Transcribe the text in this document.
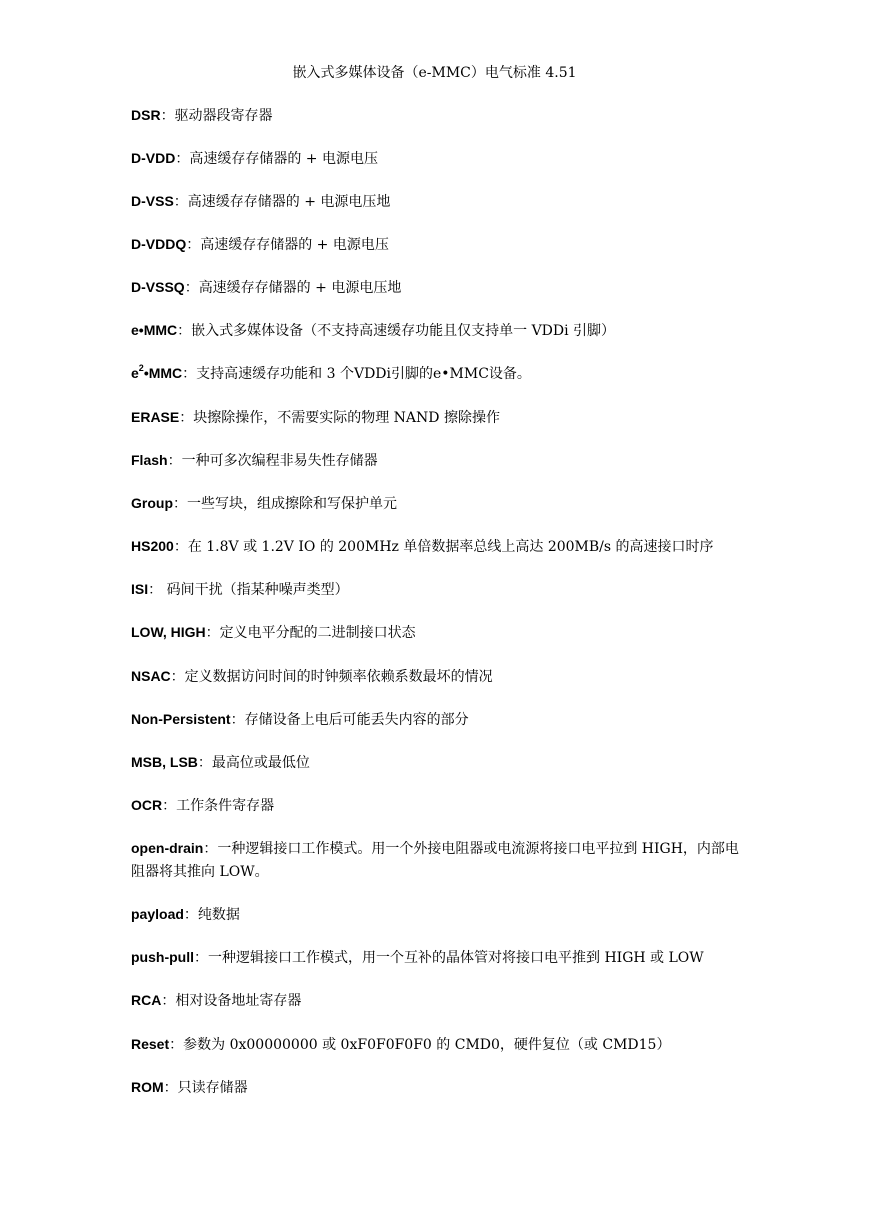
嵌入式多媒体设备（e-MMC）电气标准 4.51
DSR：驱动器段寄存器
D-VDD：高速缓存存储器的 + 电源电压
D-VSS：高速缓存存储器的 + 电源电压地
D-VDDQ：高速缓存存储器的 + 电源电压
D-VSSQ：高速缓存存储器的 + 电源电压地
e•MMC：嵌入式多媒体设备（不支持高速缓存功能且仅支持单一 VDDi 引脚）
$e^2•MMC$：支持高速缓存功能和 3 个VDDi引脚的e•MMC设备。
ERASE：块擦除操作，不需要实际的物理 NAND 擦除操作
Flash：一种可多次编程非易失性存储器
Group：一些写块，组成擦除和写保护单元
HS200：在 1.8V 或 1.2V IO 的 200MHz 单倍数据率总线上高达 200MB/s 的高速接口时序
ISI： 码间干扰（指某种噪声类型）
LOW, HIGH：定义电平分配的二进制接口状态
NSAC：定义数据访问时间的时钟频率依赖系数最坏的情况
Non-Persistent：存储设备上电后可能丢失内容的部分
MSB, LSB：最高位或最低位
OCR：工作条件寄存器
open-drain：一种逻辑接口工作模式。用一个外接电阻器或电流源将接口电平拉到 HIGH，内部电阻器将其推向 LOW。
payload：纯数据
push-pull：一种逻辑接口工作模式，用一个互补的晶体管对将接口电平推到 HIGH 或 LOW
RCA：相对设备地址寄存器
Reset：参数为 0x00000000 或 0xF0F0F0F0 的 CMD0，硬件复位（或 CMD15）
ROM：只读存储器
